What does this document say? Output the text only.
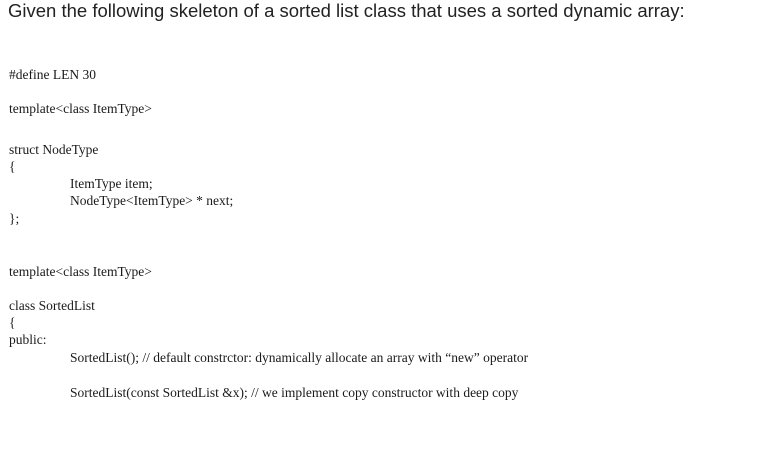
Given the following skeleton of a sorted list class that uses a sorted dynamic array:
#define LEN 30
template<class ItemType>
struct NodeType
{
ItemType item;
NodeType<ItemType> * next;
};
template<class ItemType>
class SortedList
{
public:
SortedList(); // default constrctor: dynamically allocate an array with “new” operator
SortedList(const SortedList &x); // we implement copy constructor with deep copy
